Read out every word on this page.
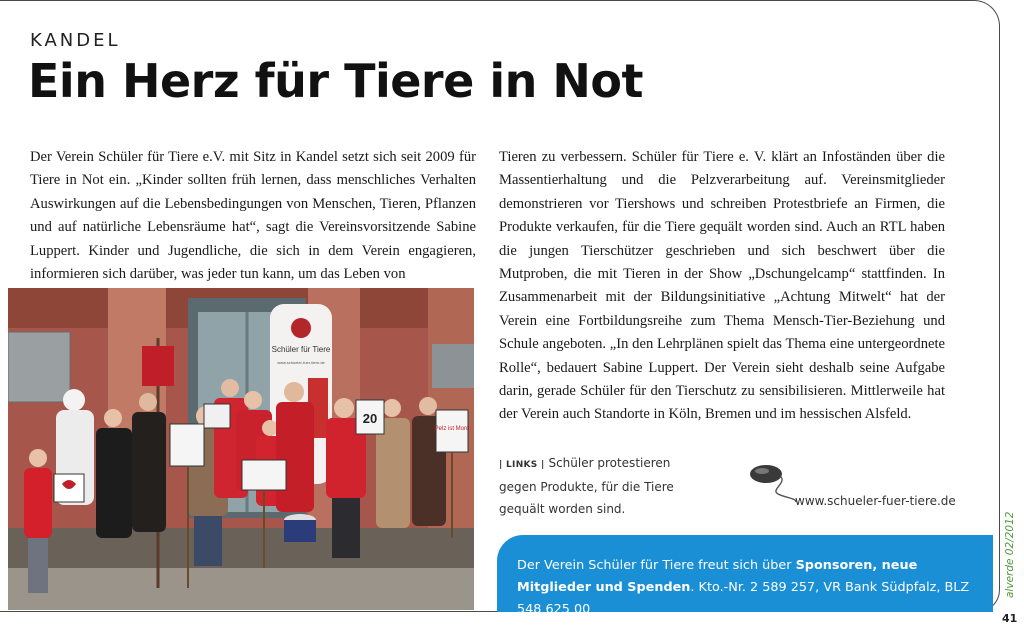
KANDEL
Ein Herz für Tiere in Not
Der Verein Schüler für Tiere e.V. mit Sitz in Kandel setzt sich seit 2009 für Tiere in Not ein. „Kinder sollten früh lernen, dass menschliches Verhalten Auswirkungen auf die Lebensbedingungen von Menschen, Tieren, Pflanzen und auf natürliche Lebensräume hat“, sagt die Vereinsvorsitzende Sabine Luppert. Kinder und Jugendliche, die sich in dem Verein engagieren, informieren sich darüber, was jeder tun kann, um das Leben von
Tieren zu verbessern. Schüler für Tiere e. V. klärt an Infoständen über die Massentierhaltung und die Pelzverarbeitung auf. Vereinsmitglieder demonstrieren vor Tiershows und schreiben Protestbriefe an Firmen, die Produkte verkaufen, für die Tiere gequält worden sind. Auch an RTL haben die jungen Tierschützer geschrieben und sich beschwert über die Mutproben, die mit Tieren in der Show „Dschungelcamp“ stattfinden. In Zusammenarbeit mit der Bildungsinitiative „Achtung Mitwelt“ hat der Verein eine Fortbildungsreihe zum Thema Mensch-Tier-Beziehung und Schule angeboten. „In den Lehrplänen spielt das Thema eine untergeordnete Rolle“, bedauert Sabine Luppert. Der Verein sieht deshalb seine Aufgabe darin, gerade Schüler für den Tierschutz zu sensibilisieren. Mittlerweile hat der Verein auch Standorte in Köln, Bremen und im hessischen Alsfeld.
Schüler für Tiere
www.schueler-fuer-tiere.de
20
Pelz ist Mord
| LINKS | Schüler protestieren gegen Produkte, für die Tiere gequält worden sind.
www.schueler-fuer-tiere.de
Der Verein Schüler für Tiere freut sich über Sponsoren, neue Mitglieder und Spenden. Kto.-Nr. 2 589 257, VR Bank Südpfalz, BLZ 548 625 00
alverde 02/2012
41
